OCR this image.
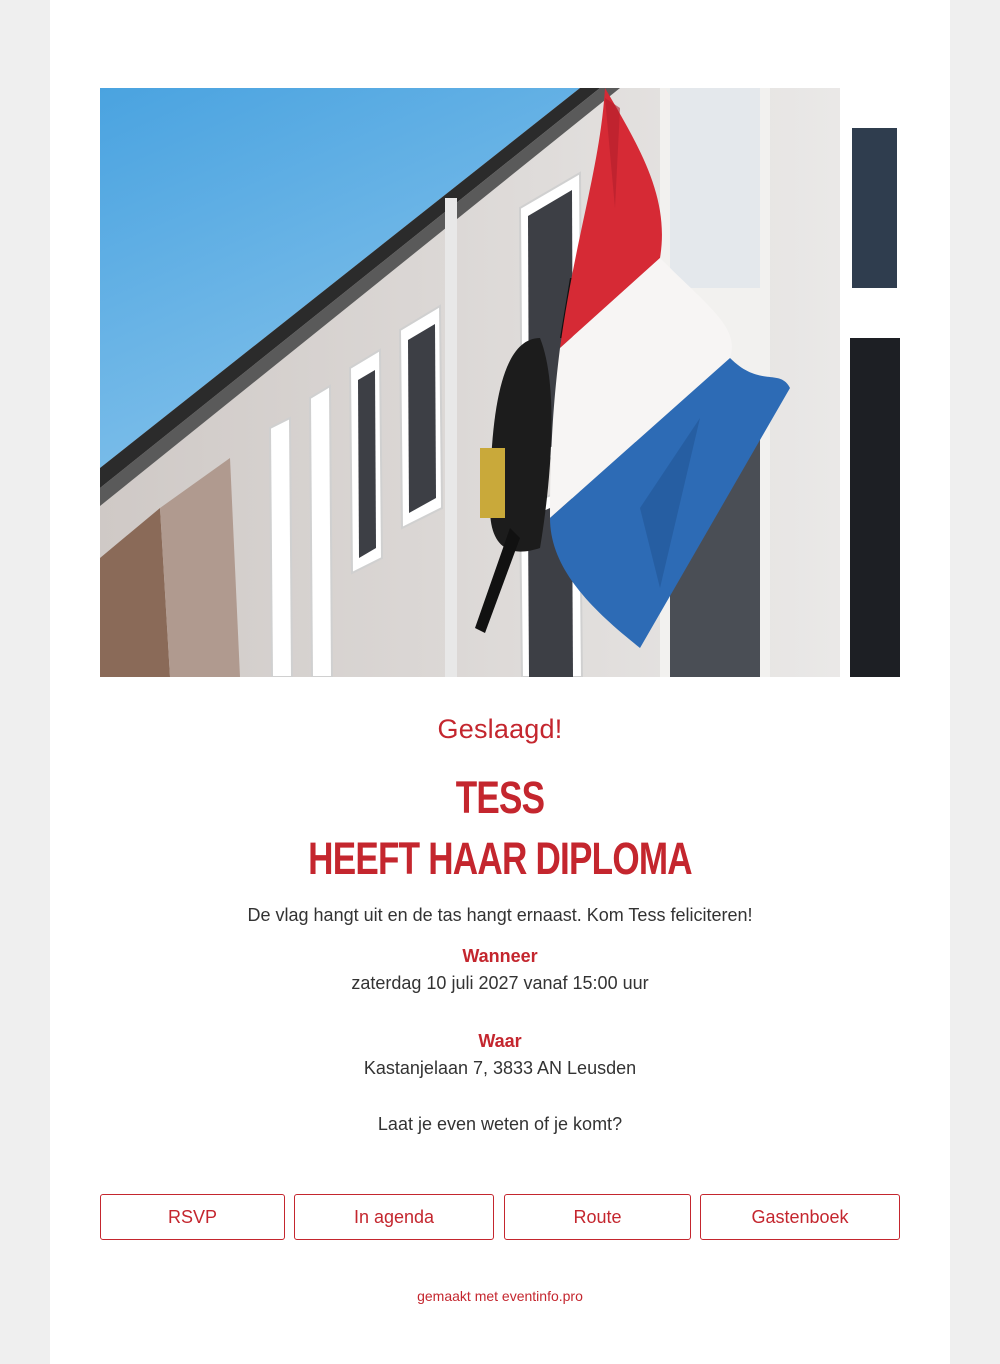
Geslaagd!
TESS
HEEFT HAAR DIPLOMA
De vlag hangt uit en de tas hangt ernaast. Kom Tess feliciteren!
Wanneer
zaterdag 10 juli 2027 vanaf 15:00 uur
Waar
Kastanjelaan 7, 3833 AN Leusden
Laat je even weten of je komt?
RSVP	In agenda	Route	Gastenboek
gemaakt met eventinfo.pro
